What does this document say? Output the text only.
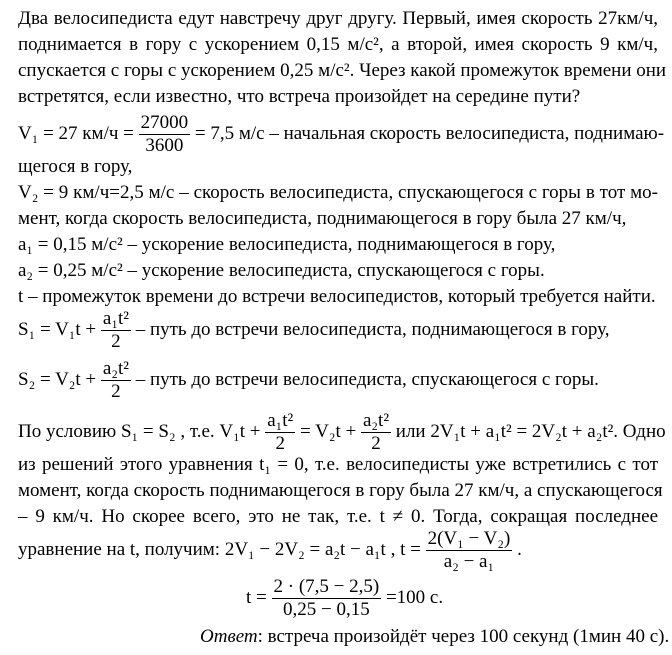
Два велосипедиста едут навстречу друг другу. Первый, имея скорость 27км/ч,
поднимается в гору с ускорением 0,15 м/с², а второй, имея скорость 9 км/ч,
спускается с горы с ускорением 0,25 м/с². Через какой промежуток времени они
встретятся, если известно, что встреча произойдет на середине пути?
V₁ = 27 $км/ч = \frac{27000}{3600} = 7,5$ м/с – начальная скорость велосипедиста, поднимаю-
щегося в гору,
V₂ = 9 км/ч=2,5 м/с – скорость велосипедиста, спускающегося с горы в тот мо-
мент, когда скорость велосипедиста, поднимающегося в гору была 27 км/ч,
a₁ = 0,15 м/с² – ускорение велосипедиста, поднимающегося в гору,
a₂ = 0,25 м/с² – ускорение велосипедиста, спускающегося с горы.
t – промежуток времени до встречи велосипедистов, который требуется найти.
$S_1 = V_1t + \frac{\text{a₁t²}}{2}$ – путь до встречи велосипедиста, поднимающегося в гору,
$S_2 = V_2t + \frac{\text{a₂t²}}{2}$ – путь до встречи велосипедиста, спускающегося с горы.
По условию S₁ = S₂ , т.е. $V_1t + \frac{\text{a₁t²}}{2} = V_2t + \frac{\text{a₂t²}}{2}$ или 2V₁t + a₁t² = 2V₂t + a₂t². Одно
из решений этого уравнения t₁ = 0, т.е. велосипедисты уже встретились с тот
момент, когда скорость поднимающегося в гору была 27 км/ч, а спускающегося
– 9 км/ч. Но скорее всего, это не так, т.е. t ≠ 0. Тогда, сокращая последнее
уравнение на t, получим: 2V₁ − 2V₂ = a₂t − a₁t , $t = \frac{\text{2(V₁ − V₂)}}{\text{a₂ − a₁}}$ .
$t = \frac{2 \cdot (7,5 - 2,5)}{0,25 - 0,15} =100$ с.
Ответ: встреча произойдёт через 100 секунд (1мин 40 с).
